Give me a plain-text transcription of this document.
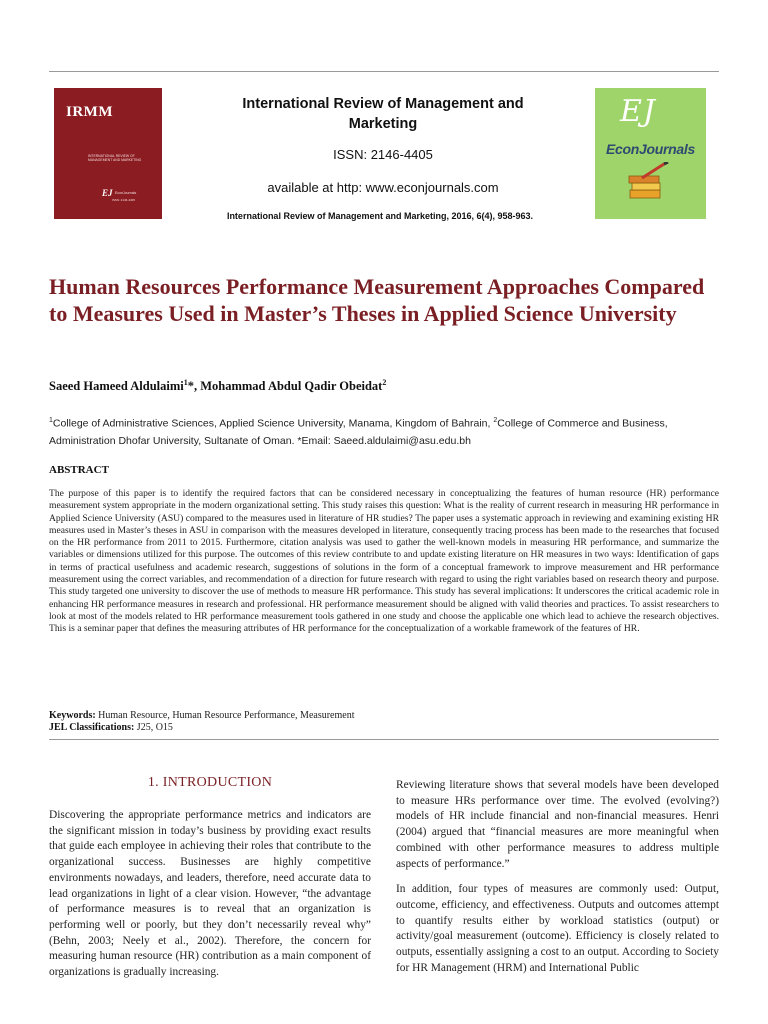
IRMM
INTERNATIONAL REVIEW OF MANAGEMENT AND MARKETING
EJ EconJournals
ISSN: 2146-4405
International Review of Management and Marketing
ISSN: 2146-4405
available at http: www.econjournals.com
International Review of Management and Marketing, 2016, 6(4), 958-963.
EJ
EconJournals
Human Resources Performance Measurement Approaches Compared to Measures Used in Master’s Theses in Applied Science University
Saeed Hameed Aldulaimi$^1$*, Mohammad Abdul Qadir Obeidat$^2$
$^1$College of Administrative Sciences, Applied Science University, Manama, Kingdom of Bahrain, $^2$College of Commerce and Business, Administration Dhofar University, Sultanate of Oman. *Email: Saeed.aldulaimi@asu.edu.bh
ABSTRACT
The purpose of this paper is to identify the required factors that can be considered necessary in conceptualizing the features of human resource (HR) performance measurement system appropriate in the modern organizational setting. This study raises this question: What is the reality of current research in measuring HR performance in Applied Science University (ASU) compared to the measures used in literature of HR studies? The paper uses a systematic approach in reviewing and examining existing HR measures used in Master’s theses in ASU in comparison with the measures developed in literature, consequently tracing process has been made to the researches that focused on the HR performance from 2011 to 2015. Furthermore, citation analysis was used to gather the well-known models in measuring HR performance, and summarize the variables or dimensions utilized for this purpose. The outcomes of this review contribute to and update existing literature on HR measures in two ways: Identification of gaps in terms of practical usefulness and academic research, suggestions of solutions in the form of a conceptual framework to improve measurement and HR performance measurement using the correct variables, and recommendation of a direction for future research with regard to using the right variables based on research theory and purpose. This study targeted one university to discover the use of methods to measure HR performance. This study has several implications: It underscores the critical academic role in enhancing HR performance measures in research and professional. HR performance measurement should be aligned with valid theories and practices. To assist researchers to look at most of the models related to HR performance measurement tools gathered in one study and choose the applicable one which lead to achieve the research objectives. This is a seminar paper that defines the measuring attributes of HR performance for the conceptualization of a workable framework of the features of HR.
Keywords: Human Resource, Human Resource Performance, Measurement
JEL Classifications: J25, O15
1. INTRODUCTION
Discovering the appropriate performance metrics and indicators are the significant mission in today’s business by providing exact results that guide each employee in achieving their roles that contribute to the organizational success. Businesses are highly competitive environments nowadays, and leaders, therefore, need accurate data to lead organizations in light of a clear vision. However, “the advantage of performance measures is to reveal that an organization is performing well or poorly, but they don’t necessarily reveal why” (Behn, 2003; Neely et al., 2002). Therefore, the concern for measuring human resource (HR) contribution as a main component of organizations is gradually increasing.

Reviewing literature shows that several models have been developed to measure HRs performance over time. The evolved (evolving?) models of HR include financial and non-financial measures. Henri (2004) argued that “financial measures are more meaningful when combined with other performance measures to address multiple aspects of performance.”

In addition, four types of measures are commonly used: Output, outcome, efficiency, and effectiveness. Outputs and outcomes attempt to quantify results either by workload statistics (output) or activity/goal measurement (outcome). Efficiency is closely related to outputs, essentially assigning a cost to an output. According to Society for HR Management (HRM) and International Public
